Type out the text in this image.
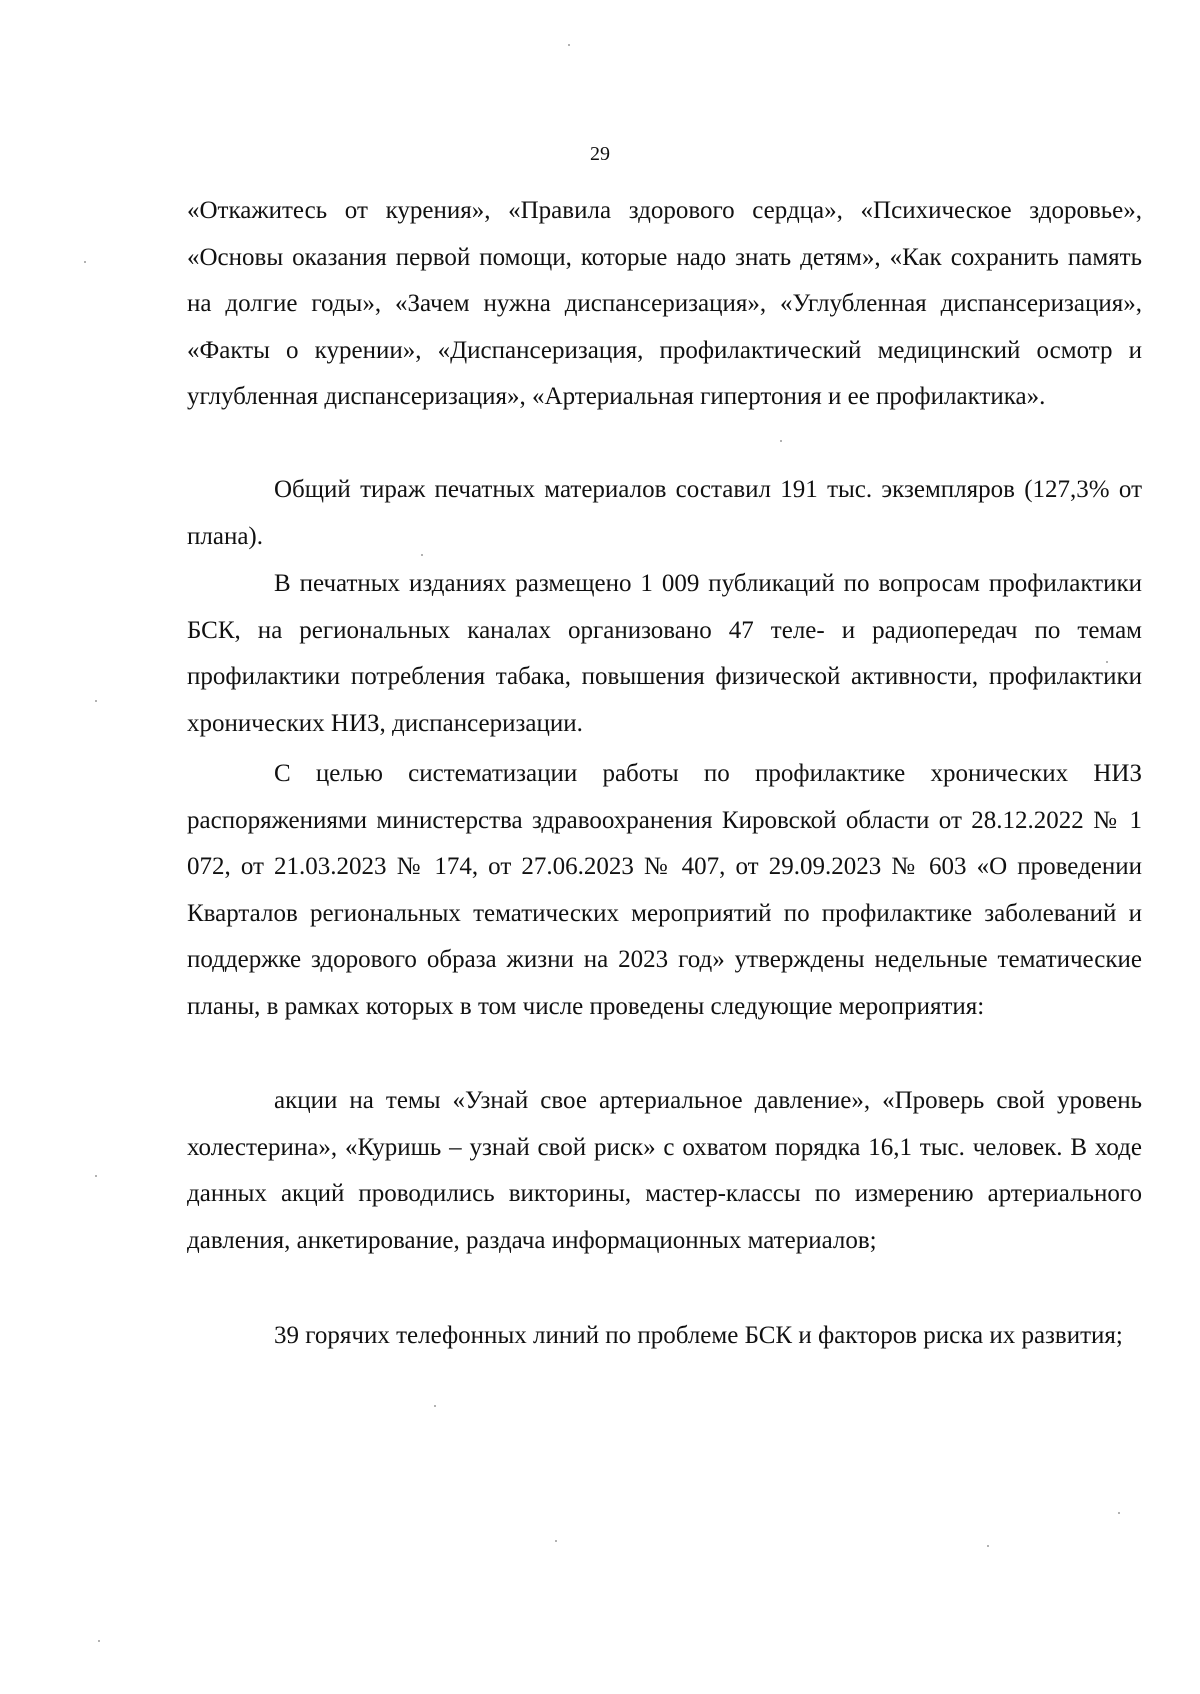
29

«Откажитесь от курения», «Правила здорового сердца», «Психическое здоровье», «Основы оказания первой помощи, которые надо знать детям», «Как сохранить память на долгие годы», «Зачем нужна диспансеризация», «Углубленная диспансеризация», «Факты о курении», «Диспансеризация, профилактический медицинский осмотр и углубленная диспансеризация», «Артериальная гипертония и ее профилактика».

Общий тираж печатных материалов составил 191 тыс. экземпляров (127,3% от плана).

В печатных изданиях размещено 1 009 публикаций по вопросам профилактики БСК, на региональных каналах организовано 47 теле- и радиопередач по темам профилактики потребления табака, повышения физической активности, профилактики хронических НИЗ, диспансеризации.

С целью систематизации работы по профилактике хронических НИЗ распоряжениями министерства здравоохранения Кировской области от 28.12.2022 № 1 072, от 21.03.2023 № 174, от 27.06.2023 № 407, от 29.09.2023 № 603 «О проведении Кварталов региональных тематических мероприятий по профилактике заболеваний и поддержке здорового образа жизни на 2023 год» утверждены недельные тематические планы, в рамках которых в том числе проведены следующие мероприятия:

акции на темы «Узнай свое артериальное давление», «Проверь свой уровень холестерина», «Куришь – узнай свой риск» с охватом порядка 16,1 тыс. человек. В ходе данных акций проводились викторины, мастер-классы по измерению артериального давления, анкетирование, раздача информационных материалов;

39 горячих телефонных линий по проблеме БСК и факторов риска их развития;
